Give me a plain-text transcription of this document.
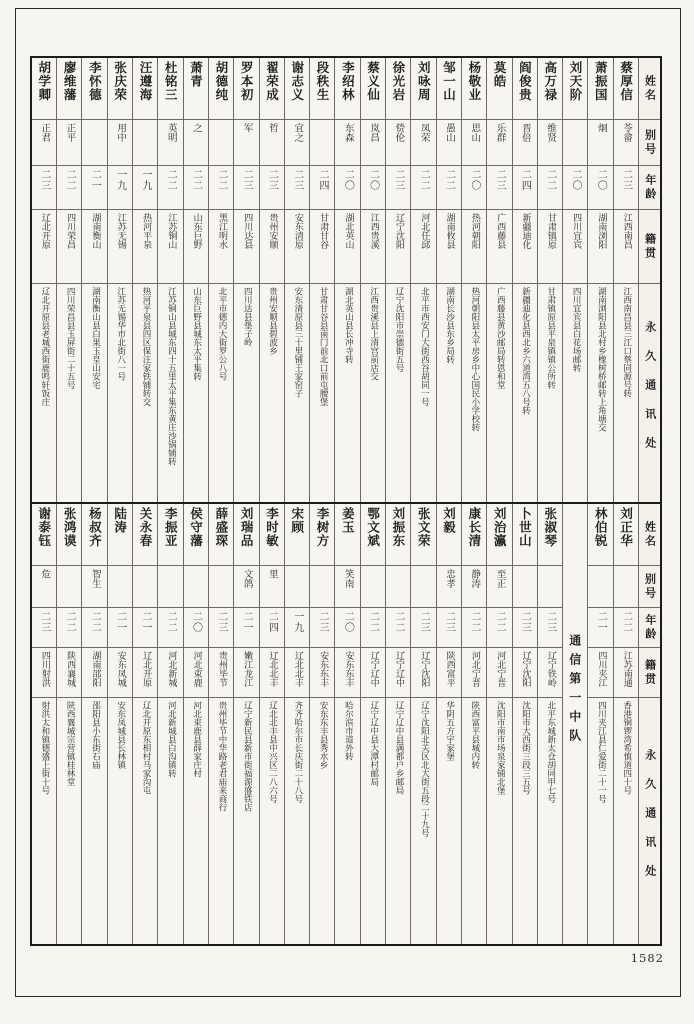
姓名
别号
年龄
籍贯
永久通讯处
蔡厚信
苓畲
二三
江西南昌
江西南昌县三江口蔡同源号转
萧振国
炯
二〇
湖南浏阳
湖南浏阳县北村乡橡树桥邮转上角塘交
刘天阶
二〇
四川宜宾
四川宜宾县白花场邮转
高万禄
维贤
二二
甘肃镇原
甘肃镇原县平泉镇镇公所转
阎俊贵
晋倍
二四
新疆迪化
新疆迪化县西北乡六道湾五八号转
莫皓
乐群
二三
广西藤县
广西藤县黄沙邮局转恩和堂
杨敬业
思山
二〇
热河朝阳
热河朝阳县太平房乡中心国民小学校转
邹一山
愚山
二二
湖南攸县
湖南长沙县东乡局转
刘咏周
凤荣
二二
河北任邱
北平市西安门大街西谷胡同一号
徐光岩
贽伦
二三
辽宁沈阳
辽宁沈阳市崇德街五号
蔡义仙
岚昌
二〇
江西贵溪
江西贵溪县上清宫前店交
李绍林
东森
二〇
湖北英山
湖北英山县长冲寺转
段秩生
二四
甘肃甘谷
甘肃甘谷县南门前北口前屯腰堡
谢志义
宜之
二三
安东清原
安东清原县三十里铺王家窑子
翟荣成
哲
二三
贵州安顺
贵州安顺县碧波乡
罗本初
军
二三
四川达县
四川达县垫子岭
胡德纯
二二
黑江明水
北平市德内大街罗公八号
萧青
之
二二
山东巨野
山东巨野县城东太平集转
杜铭三
英明
二二
江苏铜山
江苏铜山县城东四十五里太平集东黄庄沙锅铺转
汪遵海
一九
热河平泉
热河平泉县四区保汪家铁铺转交
张庆荣
用中
一九
江苏无锡
江苏无锡华市北街八一号
李怀德
二一
湖南衡山
湖南衡山县白果玉皇山安宅
廖维藩
正平
二二
四川荣昌
四川荣昌县玉屏街二十五号
胡学卿
正君
二三
辽北开原
辽北开原县老城西街鹿鸣轩饭庄
姓名
别号
年龄
籍贯
永久通讯处
刘正华
二二
江苏南通
香港铜锣湾希慎道四十号
林伯锐
二一
四川夹江
四川夹江县仁爱街二十一号
通信第一中队
张淑琴
二三
辽宁铁岭
北平东城新太仓胡同甲七号
卜世山
二三
辽宁沈阳
沈阳市大西街三段三五号
刘治瀛
至正
二二
河北宁晋
沈阳市南市场泉家铺北堡
康长清
静涛
二二
河北宁晋
陕西富平县城内转
刘毅
忠孝
二三
陕西富平
华阴五方宇家堡
张文荣
二三
辽宁沈阳
辽宁沈阳北关区北大街五段二十九号
刘振东
二二
辽宁辽中
辽宁辽中县满都户乡邮局
鄂文斌
二二
辽宁辽中
辽宁辽中县大潭村邮局
姜玉
笑南
二〇
安东东丰
哈尔滨市道外转
李树方
二三
安东东丰
安东东丰县秀水乡
宋顾
一九
辽北北丰
齐齐哈尔市长庆街二十八号
李时敏
里
二四
辽北北丰
辽北北丰县中兴区二八六号
刘瑞品
文鸽
二一
嫩江龙江
辽宁新民县新市街福源盛铁店
薛盛琛
二三
贵州毕节
贵州毕节中华路老君庙来商行
侯守藩
二〇
河北束鹿
河北束鹿县薛家庄村
李振亚
二二
河北新城
河北新城县白沟镇转
关永春
二一
辽北开原
辽北开原东相村马家沟屯
陆涛
二一
安东凤城
安东凤城县长林镇
杨叔齐
智生
二二
湖南邵阳
邵阳县小东街石庙
张鸿谟
二二
陕西襄城
陕西襄城宗营镇桂林堂
谢泰钰
危
二三
四川射洪
射洪太和镇德盛上街十号
1582
